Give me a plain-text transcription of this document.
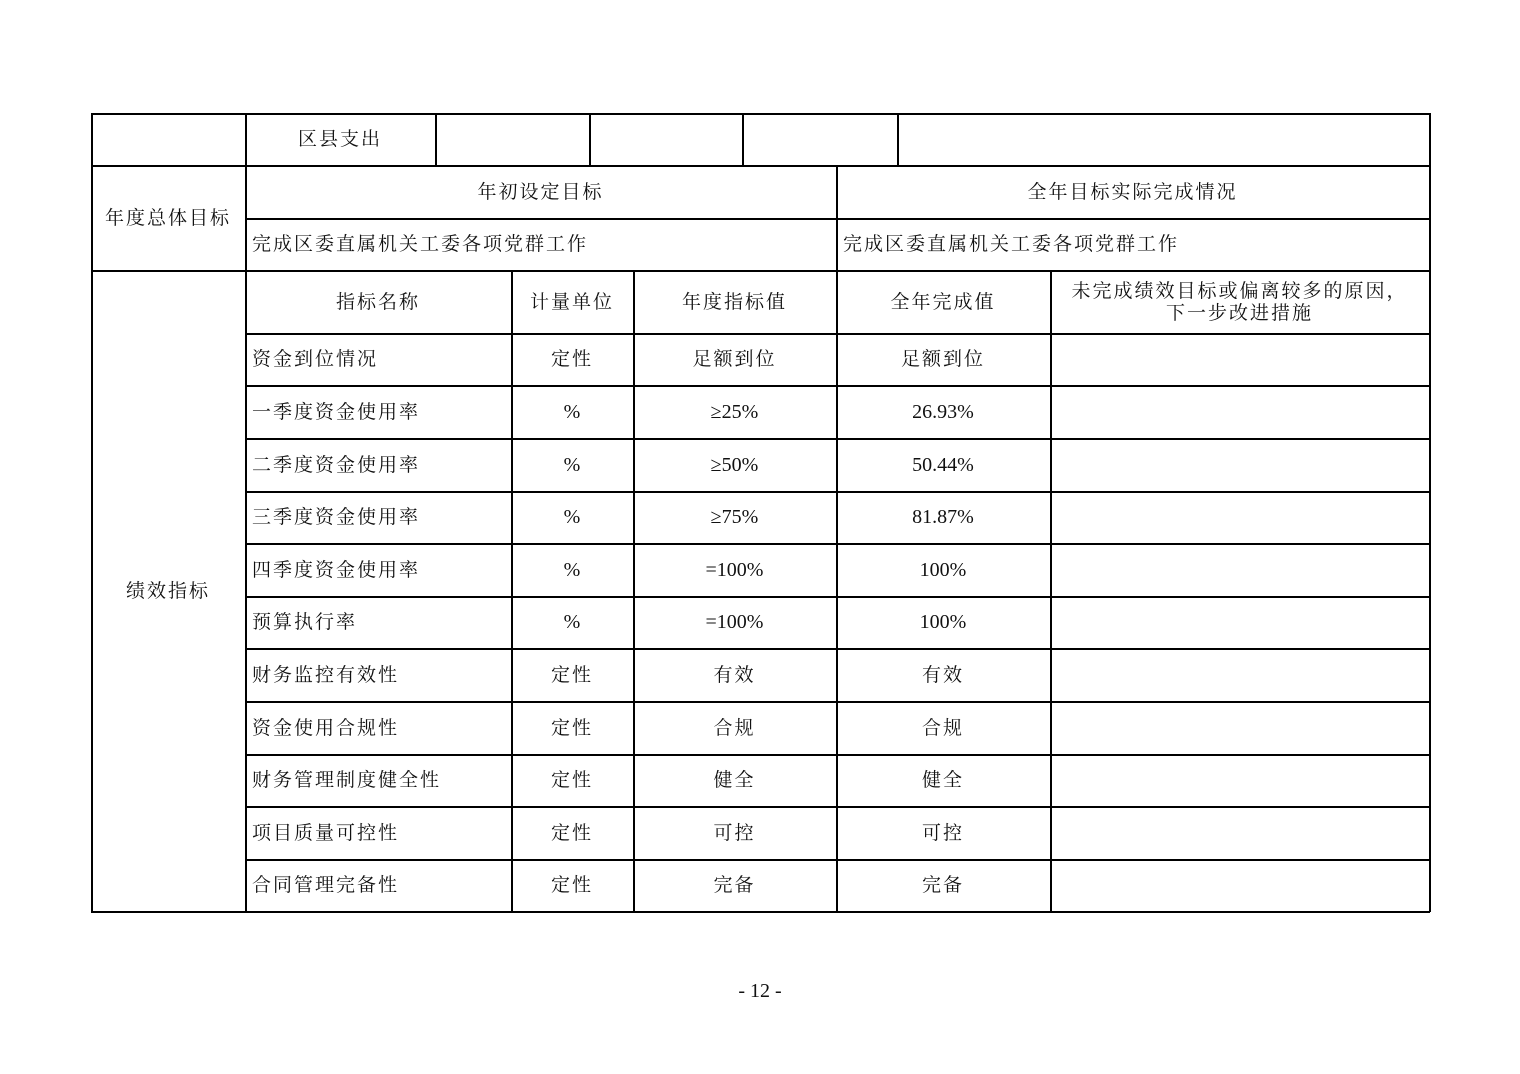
区县支出
年度总体目标
年初设定目标	全年目标实际完成情况
完成区委直属机关工委各项党群工作	完成区委直属机关工委各项党群工作
绩效指标
指标名称	计量单位	年度指标值	全年完成值	未完成绩效目标或偏离较多的原因，
下一步改进措施
资金到位情况	定性	足额到位	足额到位
一季度资金使用率	%	≥25%	26.93%
二季度资金使用率	%	≥50%	50.44%
三季度资金使用率	%	≥75%	81.87%
四季度资金使用率	%	=100%	100%
预算执行率	%	=100%	100%
财务监控有效性	定性	有效	有效
资金使用合规性	定性	合规	合规
财务管理制度健全性	定性	健全	健全
项目质量可控性	定性	可控	可控
合同管理完备性	定性	完备	完备
- 12 -
